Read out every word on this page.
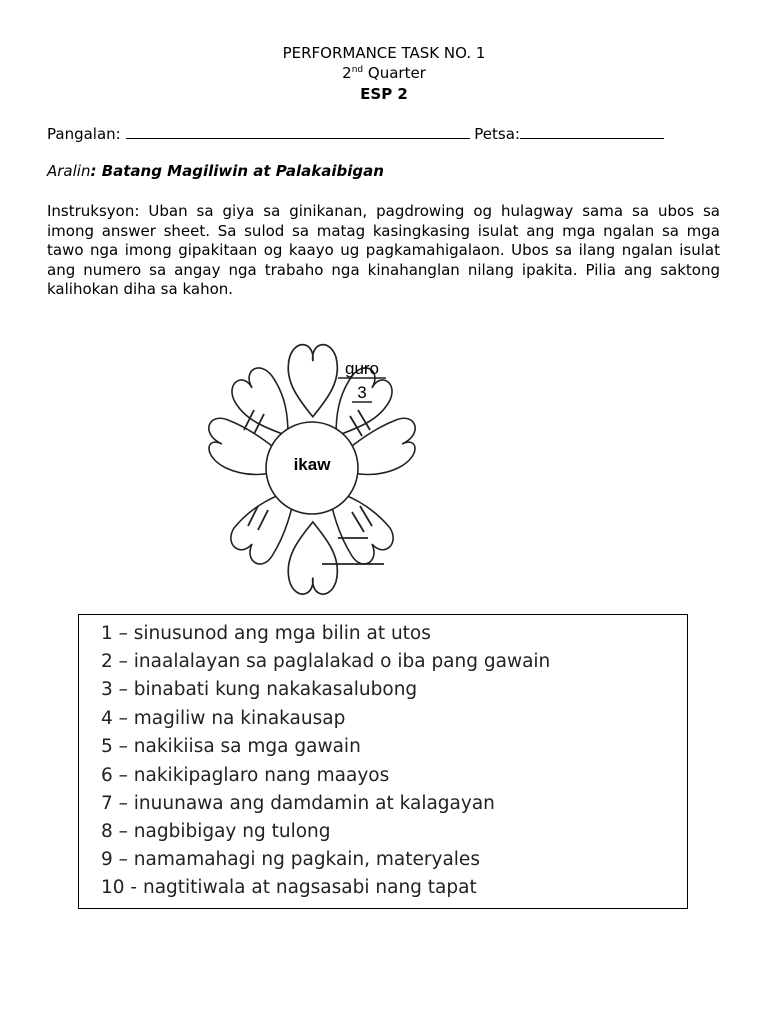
PERFORMANCE TASK NO. 1
2nd Quarter
ESP 2
Pangalan:	Petsa:
Aralin: Batang Magiliwin at Palakaibigan
Instruksyon: Uban sa giya sa ginikanan, pagdrowing og hulagway sama sa ubos sa imong answer sheet. Sa sulod sa matag kasingkasing isulat ang mga ngalan sa mga tawo nga imong gipakitaan og kaayo ug pagkamahigalaon. Ubos sa ilang ngalan isulat ang numero sa angay nga trabaho nga kinahanglan nilang ipakita. Pilia ang saktong kalihokan diha sa kahon.
guro
3
ikaw
1 – sinusunod ang mga bilin at utos
2 – inaalalayan sa paglalakad o iba pang gawain
3 – binabati kung nakakasalubong
4 – magiliw na kinakausap
5 – nakikiisa sa mga gawain
6 – nakikipaglaro nang maayos
7 – inuunawa ang damdamin at kalagayan
8 – nagbibigay ng tulong
9 – namamahagi ng pagkain, materyales
10 - nagtitiwala at nagsasabi nang tapat
